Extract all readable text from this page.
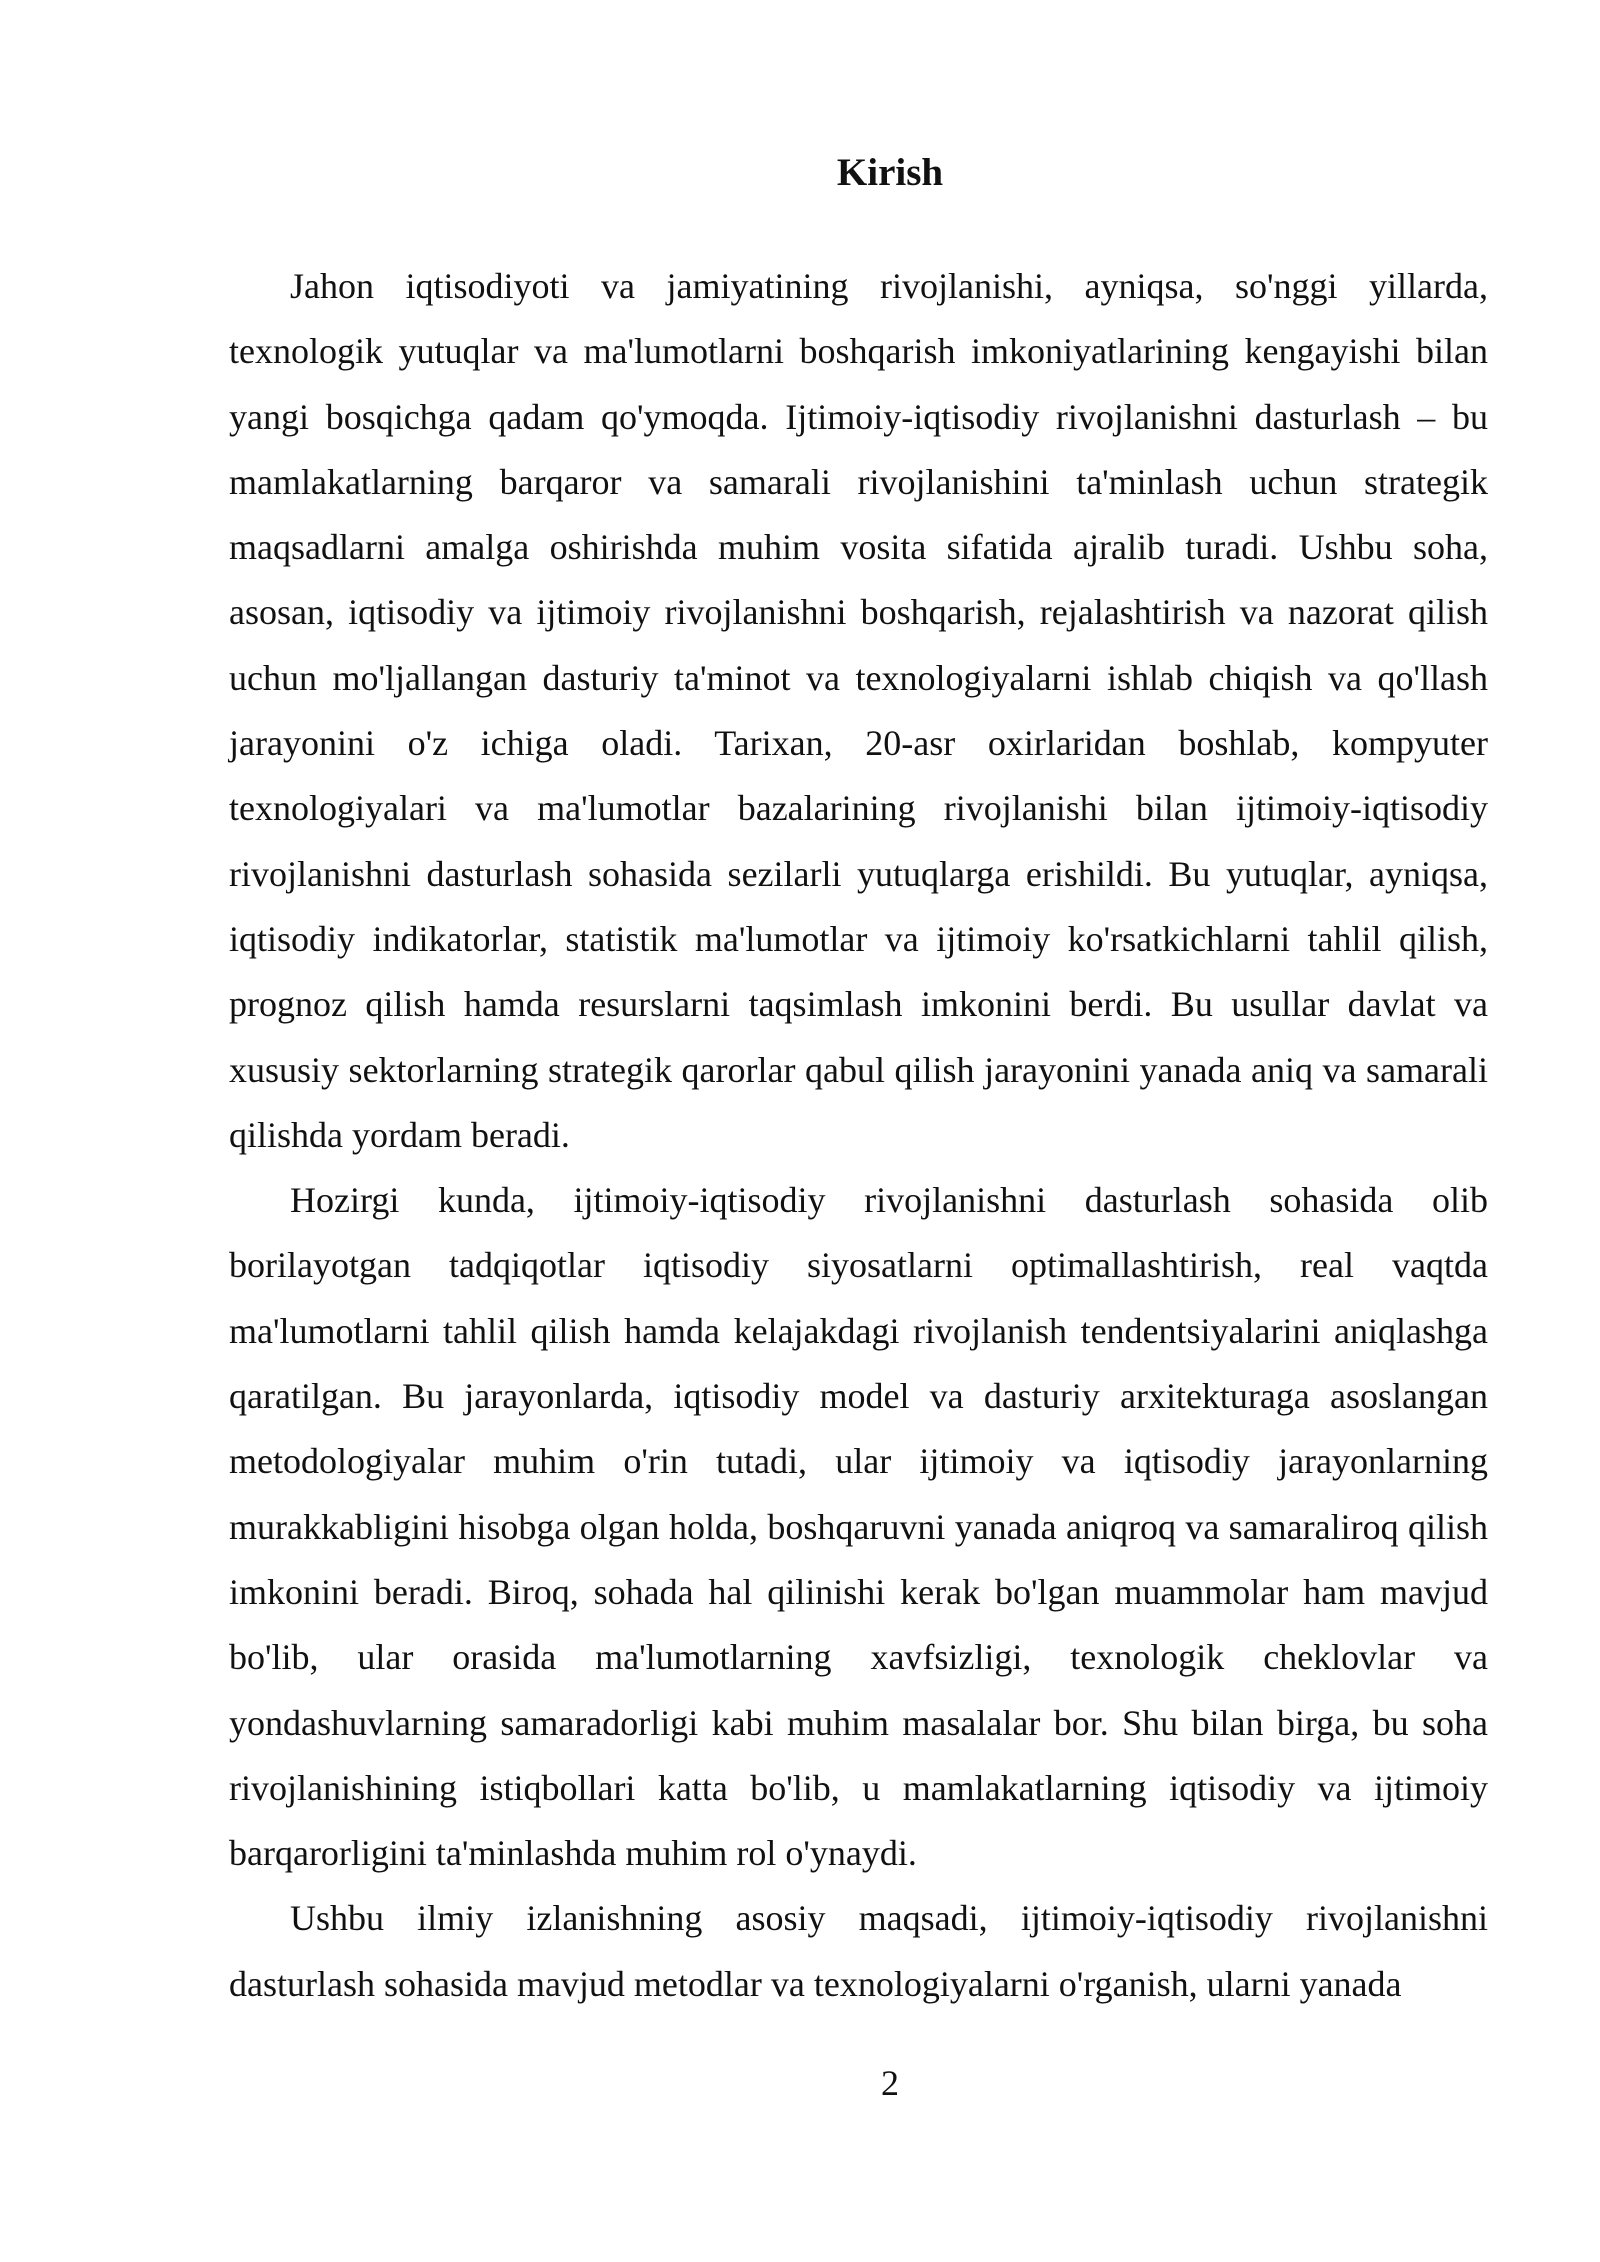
Kirish

Jahon iqtisodiyoti va jamiyatining rivojlanishi, ayniqsa, so'nggi yillarda, texnologik yutuqlar va ma'lumotlarni boshqarish imkoniyatlarining kengayishi bilan yangi bosqichga qadam qo'ymoqda. Ijtimoiy-iqtisodiy rivojlanishni dasturlash – bu mamlakatlarning barqaror va samarali rivojlanishini ta'minlash uchun strategik maqsadlarni amalga oshirishda muhim vosita sifatida ajralib turadi. Ushbu soha, asosan, iqtisodiy va ijtimoiy rivojlanishni boshqarish, rejalashtirish va nazorat qilish uchun mo'ljallangan dasturiy ta'minot va texnologiyalarni ishlab chiqish va qo'llash jarayonini o'z ichiga oladi. Tarixan, 20-asr oxirlaridan boshlab, kompyuter texnologiyalari va ma'lumotlar bazalarining rivojlanishi bilan ijtimoiy-iqtisodiy rivojlanishni dasturlash sohasida sezilarli yutuqlarga erishildi. Bu yutuqlar, ayniqsa, iqtisodiy indikatorlar, statistik ma'lumotlar va ijtimoiy ko'rsatkichlarni tahlil qilish, prognoz qilish hamda resurslarni taqsimlash imkonini berdi. Bu usullar davlat va xususiy sektorlarning strategik qarorlar qabul qilish jarayonini yanada aniq va samarali qilishda yordam beradi.

Hozirgi kunda, ijtimoiy-iqtisodiy rivojlanishni dasturlash sohasida olib borilayotgan tadqiqotlar iqtisodiy siyosatlarni optimallashtirish, real vaqtda ma'lumotlarni tahlil qilish hamda kelajakdagi rivojlanish tendentsiyalarini aniqlashga qaratilgan. Bu jarayonlarda, iqtisodiy model va dasturiy arxitekturaga asoslangan metodologiyalar muhim o'rin tutadi, ular ijtimoiy va iqtisodiy jarayonlarning murakkabligini hisobga olgan holda, boshqaruvni yanada aniqroq va samaraliroq qilish imkonini beradi. Biroq, sohada hal qilinishi kerak bo'lgan muammolar ham mavjud bo'lib, ular orasida ma'lumotlarning xavfsizligi, texnologik cheklovlar va yondashuvlarning samaradorligi kabi muhim masalalar bor. Shu bilan birga, bu soha rivojlanishining istiqbollari katta bo'lib, u mamlakatlarning iqtisodiy va ijtimoiy barqarorligini ta'minlashda muhim rol o'ynaydi.

Ushbu ilmiy izlanishning asosiy maqsadi, ijtimoiy-iqtisodiy rivojlanishni dasturlash sohasida mavjud metodlar va texnologiyalarni o'rganish, ularni yanada

2
